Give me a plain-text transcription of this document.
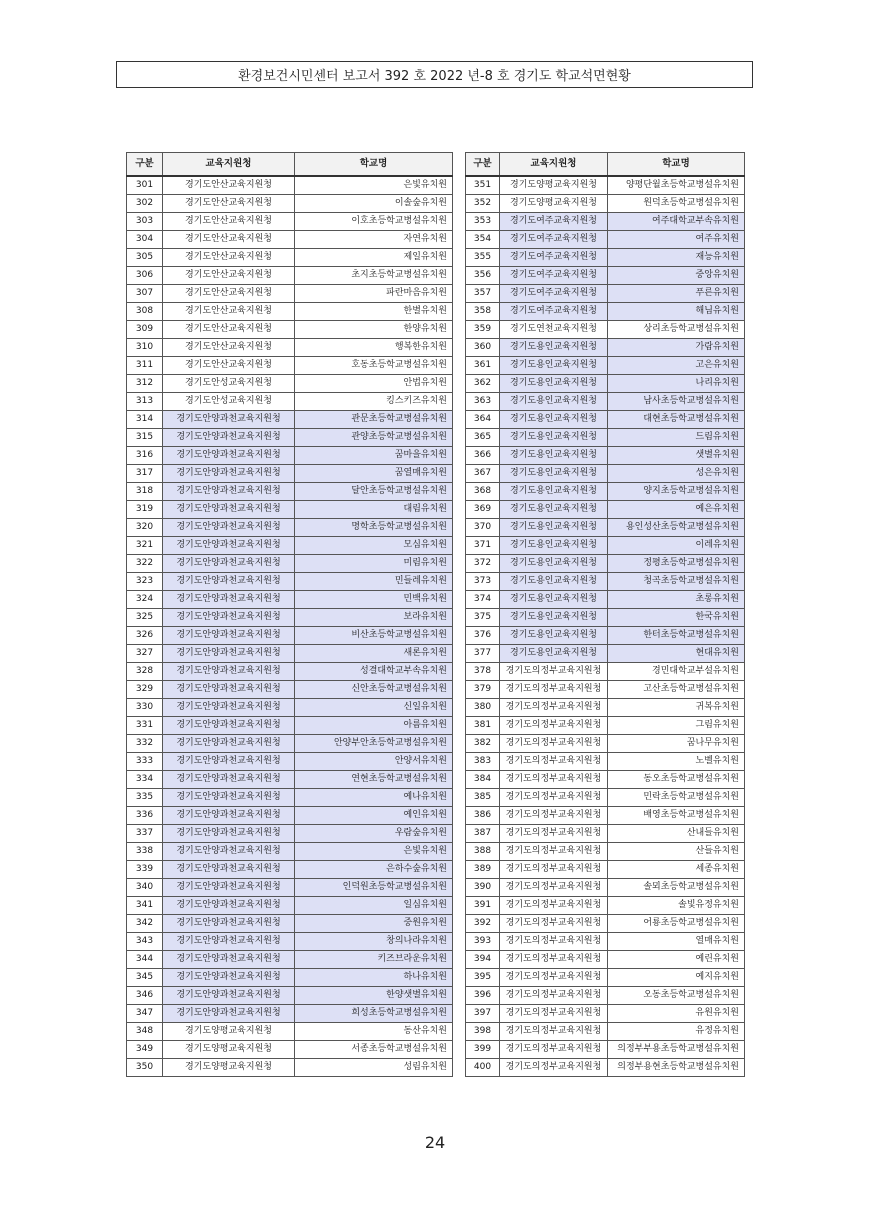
환경보건시민센터 보고서 392 호 2022 년-8 호 경기도 학교석면현황
구분	교육지원청	학교명
301	경기도안산교육지원청	은빛유치원
302	경기도안산교육지원청	이솔숲유치원
303	경기도안산교육지원청	이호초등학교병설유치원
304	경기도안산교육지원청	자연유치원
305	경기도안산교육지원청	제일유치원
306	경기도안산교육지원청	초지초등학교병설유치원
307	경기도안산교육지원청	파란마음유치원
308	경기도안산교육지원청	한별유치원
309	경기도안산교육지원청	한양유치원
310	경기도안산교육지원청	행복한유치원
311	경기도안산교육지원청	호동초등학교병설유치원
312	경기도안성교육지원청	안법유치원
313	경기도안성교육지원청	킹스키즈유치원
314	경기도안양과천교육지원청	관문초등학교병설유치원
315	경기도안양과천교육지원청	관양초등학교병설유치원
316	경기도안양과천교육지원청	꿈마을유치원
317	경기도안양과천교육지원청	꿈열매유치원
318	경기도안양과천교육지원청	달안초등학교병설유치원
319	경기도안양과천교육지원청	대림유치원
320	경기도안양과천교육지원청	명학초등학교병설유치원
321	경기도안양과천교육지원청	모심유치원
322	경기도안양과천교육지원청	미림유치원
323	경기도안양과천교육지원청	민들레유치원
324	경기도안양과천교육지원청	민백유치원
325	경기도안양과천교육지원청	보라유치원
326	경기도안양과천교육지원청	비산초등학교병설유치원
327	경기도안양과천교육지원청	새론유치원
328	경기도안양과천교육지원청	성결대학교부속유치원
329	경기도안양과천교육지원청	신안초등학교병설유치원
330	경기도안양과천교육지원청	신일유치원
331	경기도안양과천교육지원청	아름유치원
332	경기도안양과천교육지원청	안양부안초등학교병설유치원
333	경기도안양과천교육지원청	안양서유치원
334	경기도안양과천교육지원청	연현초등학교병설유치원
335	경기도안양과천교육지원청	예나유치원
336	경기도안양과천교육지원청	예인유치원
337	경기도안양과천교육지원청	우람숲유치원
338	경기도안양과천교육지원청	은빛유치원
339	경기도안양과천교육지원청	은하수숲유치원
340	경기도안양과천교육지원청	인덕원초등학교병설유치원
341	경기도안양과천교육지원청	일심유치원
342	경기도안양과천교육지원청	중원유치원
343	경기도안양과천교육지원청	창의나라유치원
344	경기도안양과천교육지원청	키즈브라운유치원
345	경기도안양과천교육지원청	하나유치원
346	경기도안양과천교육지원청	한양샛별유치원
347	경기도안양과천교육지원청	희성초등학교병설유치원
348	경기도양평교육지원청	동산유치원
349	경기도양평교육지원청	서종초등학교병설유치원
350	경기도양평교육지원청	성림유치원
구분	교육지원청	학교명
351	경기도양평교육지원청	양평단월초등학교병설유치원
352	경기도양평교육지원청	원덕초등학교병설유치원
353	경기도여주교육지원청	여주대학교부속유치원
354	경기도여주교육지원청	여주유치원
355	경기도여주교육지원청	재능유치원
356	경기도여주교육지원청	중앙유치원
357	경기도여주교육지원청	푸른유치원
358	경기도여주교육지원청	해님유치원
359	경기도연천교육지원청	상리초등학교병설유치원
360	경기도용인교육지원청	가람유치원
361	경기도용인교육지원청	고은유치원
362	경기도용인교육지원청	나리유치원
363	경기도용인교육지원청	남사초등학교병설유치원
364	경기도용인교육지원청	대현초등학교병설유치원
365	경기도용인교육지원청	드림유치원
366	경기도용인교육지원청	샛별유치원
367	경기도용인교육지원청	성은유치원
368	경기도용인교육지원청	양지초등학교병설유치원
369	경기도용인교육지원청	예은유치원
370	경기도용인교육지원청	용인성산초등학교병설유치원
371	경기도용인교육지원청	이레유치원
372	경기도용인교육지원청	정평초등학교병설유치원
373	경기도용인교육지원청	청곡초등학교병설유치원
374	경기도용인교육지원청	초롱유치원
375	경기도용인교육지원청	한국유치원
376	경기도용인교육지원청	한터초등학교병설유치원
377	경기도용인교육지원청	현대유치원
378	경기도의정부교육지원청	경민대학교부설유치원
379	경기도의정부교육지원청	고산초등학교병설유치원
380	경기도의정부교육지원청	귀복유치원
381	경기도의정부교육지원청	그림유치원
382	경기도의정부교육지원청	꿈나무유치원
383	경기도의정부교육지원청	노벨유치원
384	경기도의정부교육지원청	동오초등학교병설유치원
385	경기도의정부교육지원청	민락초등학교병설유치원
386	경기도의정부교육지원청	배영초등학교병설유치원
387	경기도의정부교육지원청	산내들유치원
388	경기도의정부교육지원청	산들유치원
389	경기도의정부교육지원청	세종유치원
390	경기도의정부교육지원청	솔뫼초등학교병설유치원
391	경기도의정부교육지원청	솔빛유정유치원
392	경기도의정부교육지원청	어룡초등학교병설유치원
393	경기도의정부교육지원청	열매유치원
394	경기도의정부교육지원청	예린유치원
395	경기도의정부교육지원청	예지유치원
396	경기도의정부교육지원청	오동초등학교병설유치원
397	경기도의정부교육지원청	유원유치원
398	경기도의정부교육지원청	유정유치원
399	경기도의정부교육지원청	의정부부용초등학교병설유치원
400	경기도의정부교육지원청	의정부용현초등학교병설유치원
24
